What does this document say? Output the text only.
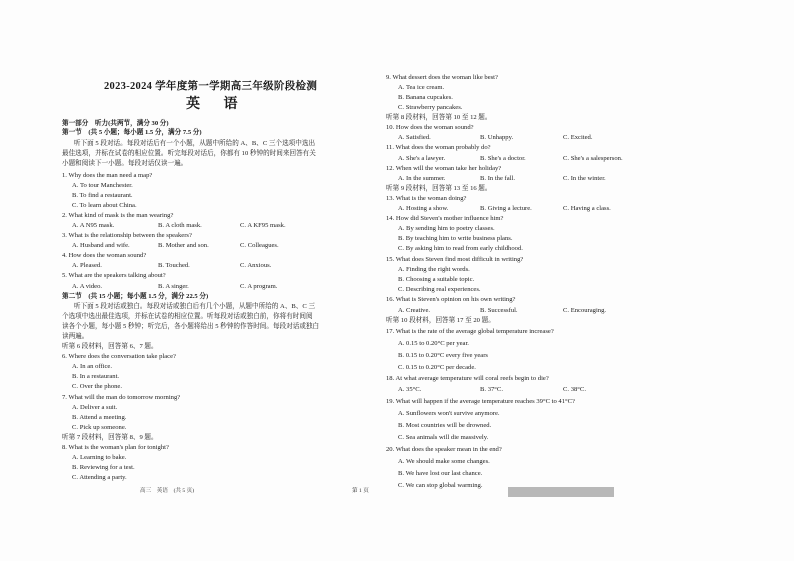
2023-2024 学年度第一学期高三年级阶段检测
英 语
第一部分　听力(共两节，满分 30 分)
第一节　(共 5 小题；每小题 1.5 分，满分 7.5 分)
听下面 5 段对话。每段对话后有一个小题，从题中所给的 A、B、C 三个选项中选出
最佳选项，并标在试卷的相应位置。听完每段对话后，你都有 10 秒钟的时间来回答有关
小题和阅读下一小题。每段对话仅读一遍。
1. Why does the man need a map?
A. To tour Manchester.
B. To find a restaurant.
C. To learn about China.
2. What kind of mask is the man wearing?
A. A N95 mask.	B. A cloth mask.	C. A KF95 mask.
3. What is the relationship between the speakers?
A. Husband and wife.	B. Mother and son.	C. Colleagues.
4. How does the woman sound?
A. Pleased.	B. Touched.	C. Anxious.
5. What are the speakers talking about?
A. A video.	B. A singer.	C. A program.
第二节　(共 15 小题；每小题 1.5 分，满分 22.5 分)
听下面 5 段对话或独白。每段对话或独白后有几个小题，从题中所给的 A、B、C 三
个选项中选出最佳选项，并标在试卷的相应位置。听每段对话或独白前，你将有时间阅
读各个小题，每小题 5 秒钟；听完后，各小题将给出 5 秒钟的作答时间。每段对话或独白
读两遍。
听第 6 段材料，回答第 6、7 题。
6. Where does the conversation take place?
A. In an office.
B. In a restaurant.
C. Over the phone.
7. What will the man do tomorrow morning?
A. Deliver a suit.
B. Attend a meeting.
C. Pick up someone.
听第 7 段材料，回答第 8、9 题。
8. What is the woman's plan for tonight?
A. Learning to bake.
B. Reviewing for a test.
C. Attending a party.
高三　英语　(共 5 页)
9. What dessert does the woman like best?
A. Tea ice cream.
B. Banana cupcakes.
C. Strawberry pancakes.
听第 8 段材料，回答第 10 至 12 题。
10. How does the woman sound?
A. Satisfied.	B. Unhappy.	C. Excited.
11. What does the woman probably do?
A. She's a lawyer.	B. She's a doctor.	C. She's a salesperson.
12. When will the woman take her holiday?
A. In the summer.	B. In the fall.	C. In the winter.
听第 9 段材料，回答第 13 至 16 题。
13. What is the woman doing?
A. Hosting a show.	B. Giving a lecture.	C. Having a class.
14. How did Steven's mother influence him?
A. By sending him to poetry classes.
B. By teaching him to write business plans.
C. By asking him to read from early childhood.
15. What does Steven find most difficult in writing?
A. Finding the right words.
B. Choosing a suitable topic.
C. Describing real experiences.
16. What is Steven's opinion on his own writing?
A. Creative.	B. Successful.	C. Encouraging.
听第 10 段材料，回答第 17 至 20 题。
17. What is the rate of the average global temperature increase?
A. 0.15 to 0.20°C per year.
B. 0.15 to 0.20°C every five years
C. 0.15 to 0.20°C per decade.
18. At what average temperature will coral reefs begin to die?
A. 35°C.	B. 37°C.	C. 38°C.
19. What will happen if the average temperature reaches 39°C to 41°C?
A. Sunflowers won't survive anymore.
B. Most countries will be drowned.
C. Sea animals will die massively.
20. What does the speaker mean in the end?
A. We should make some changes.
B. We have lost our last chance.
C. We can stop global warming.
第 1 页
